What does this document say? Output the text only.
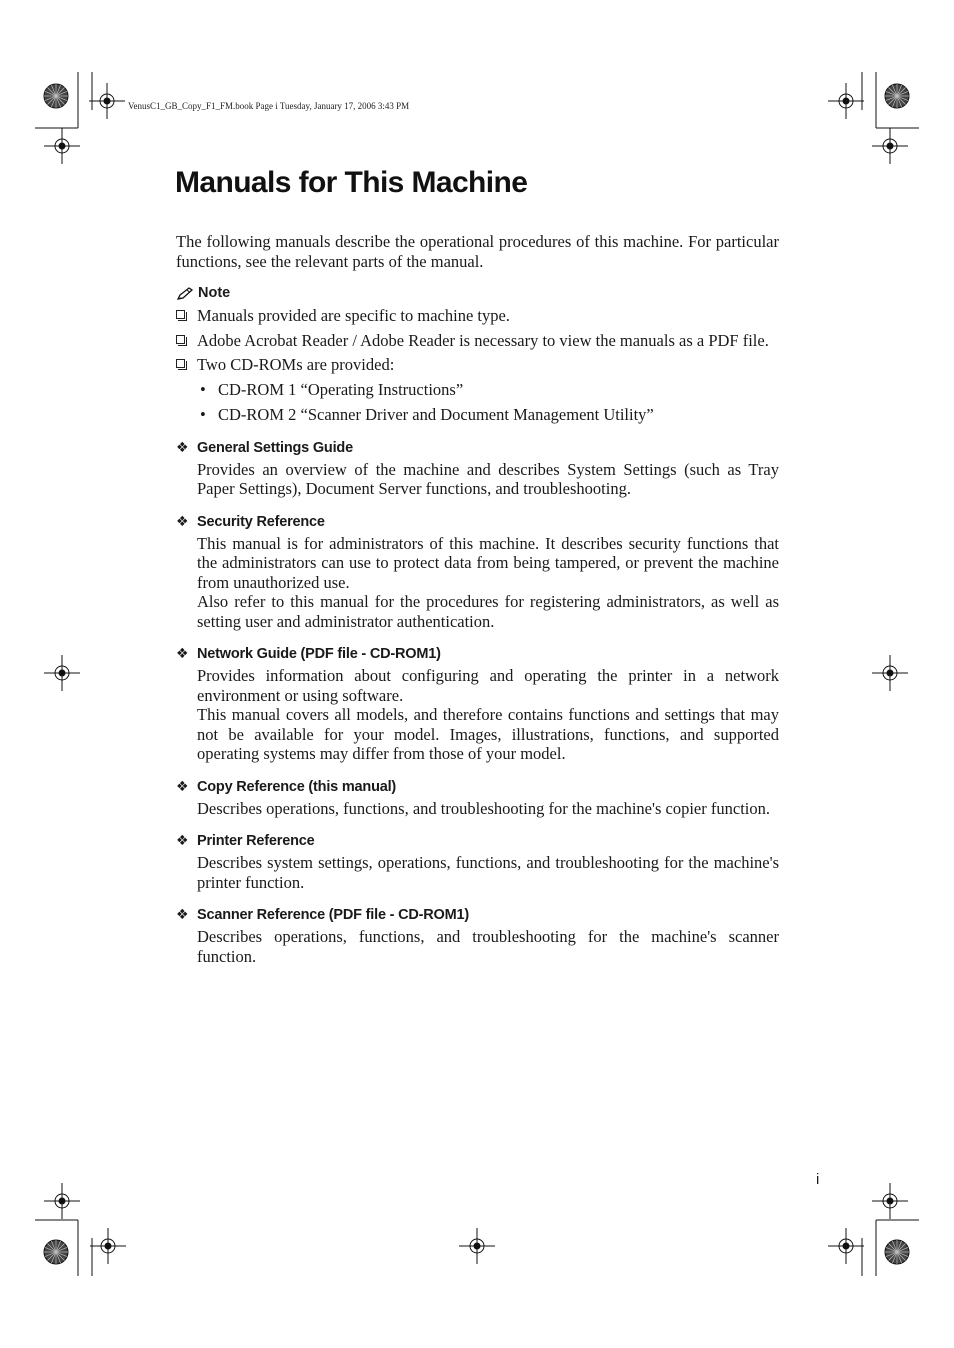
VenusC1_GB_Copy_F1_FM.book Page i Tuesday, January 17, 2006 3:43 PM
Manuals for This Machine

The following manuals describe the operational procedures of this machine. For particular functions, see the relevant parts of the manual.

Note
Manuals provided are specific to machine type.
Adobe Acrobat Reader / Adobe Reader is necessary to view the manuals as a PDF file.
Two CD-ROMs are provided:
• CD-ROM 1 “Operating Instructions”
• CD-ROM 2 “Scanner Driver and Document Management Utility”
❖ General Settings Guide

Provides an overview of the machine and describes System Settings (such as Tray Paper Settings), Document Server functions, and troubleshooting.

❖ Security Reference

This manual is for administrators of this machine. It describes security functions that the administrators can use to protect data from being tampered, or prevent the machine from unauthorized use.

Also refer to this manual for the procedures for registering administrators, as well as setting user and administrator authentication.

❖ Network Guide (PDF file - CD-ROM1)

Provides information about configuring and operating the printer in a network environment or using software.

This manual covers all models, and therefore contains functions and settings that may not be available for your model. Images, illustrations, functions, and supported operating systems may differ from those of your model.

❖ Copy Reference (this manual)

Describes operations, functions, and troubleshooting for the machine's copier function.

❖ Printer Reference

Describes system settings, operations, functions, and troubleshooting for the machine's printer function.

❖ Scanner Reference (PDF file - CD-ROM1)

Describes operations, functions, and troubleshooting for the machine's scanner function.

i
